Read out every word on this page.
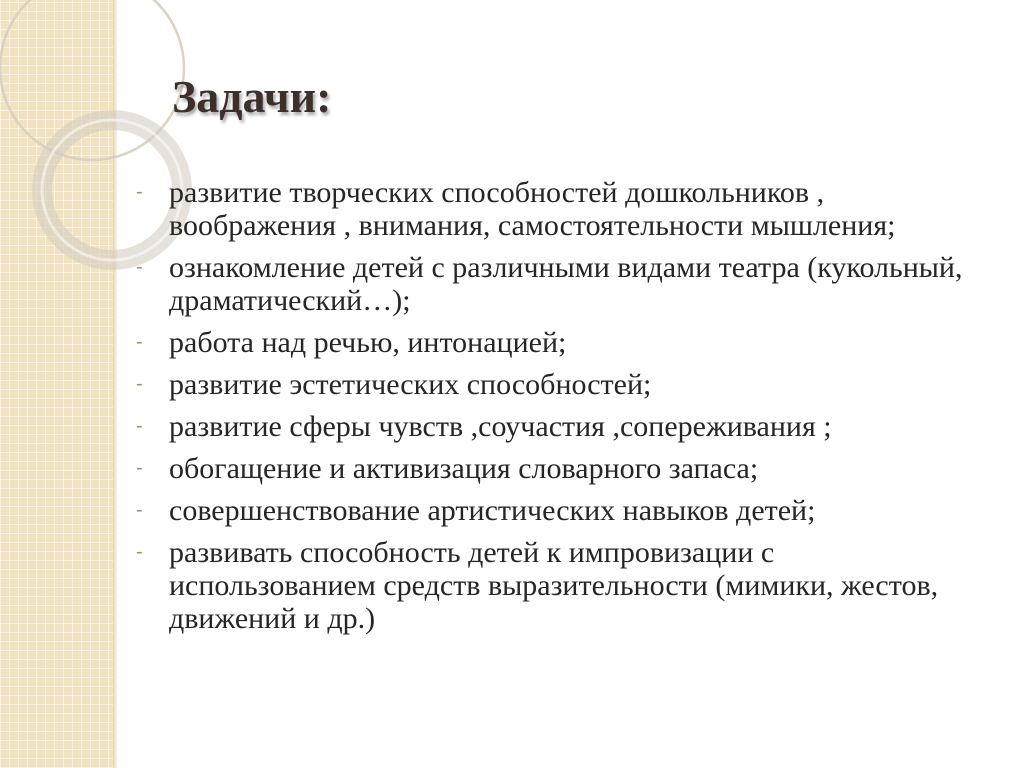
Задачи:
- развитие творческих способностей дошкольников , воображения , внимания, самостоятельности мышления;
- ознакомление детей с различными видами театра (кукольный, драматический…);
- работа над речью, интонацией;
- развитие эстетических способностей;
- развитие сферы чувств ,соучастия ,сопереживания ;
- обогащение и активизация словарного запаса;
- совершенствование артистических навыков детей;
- развивать способность детей к импровизации с использованием средств выразительности (мимики, жестов, движений и др.)
